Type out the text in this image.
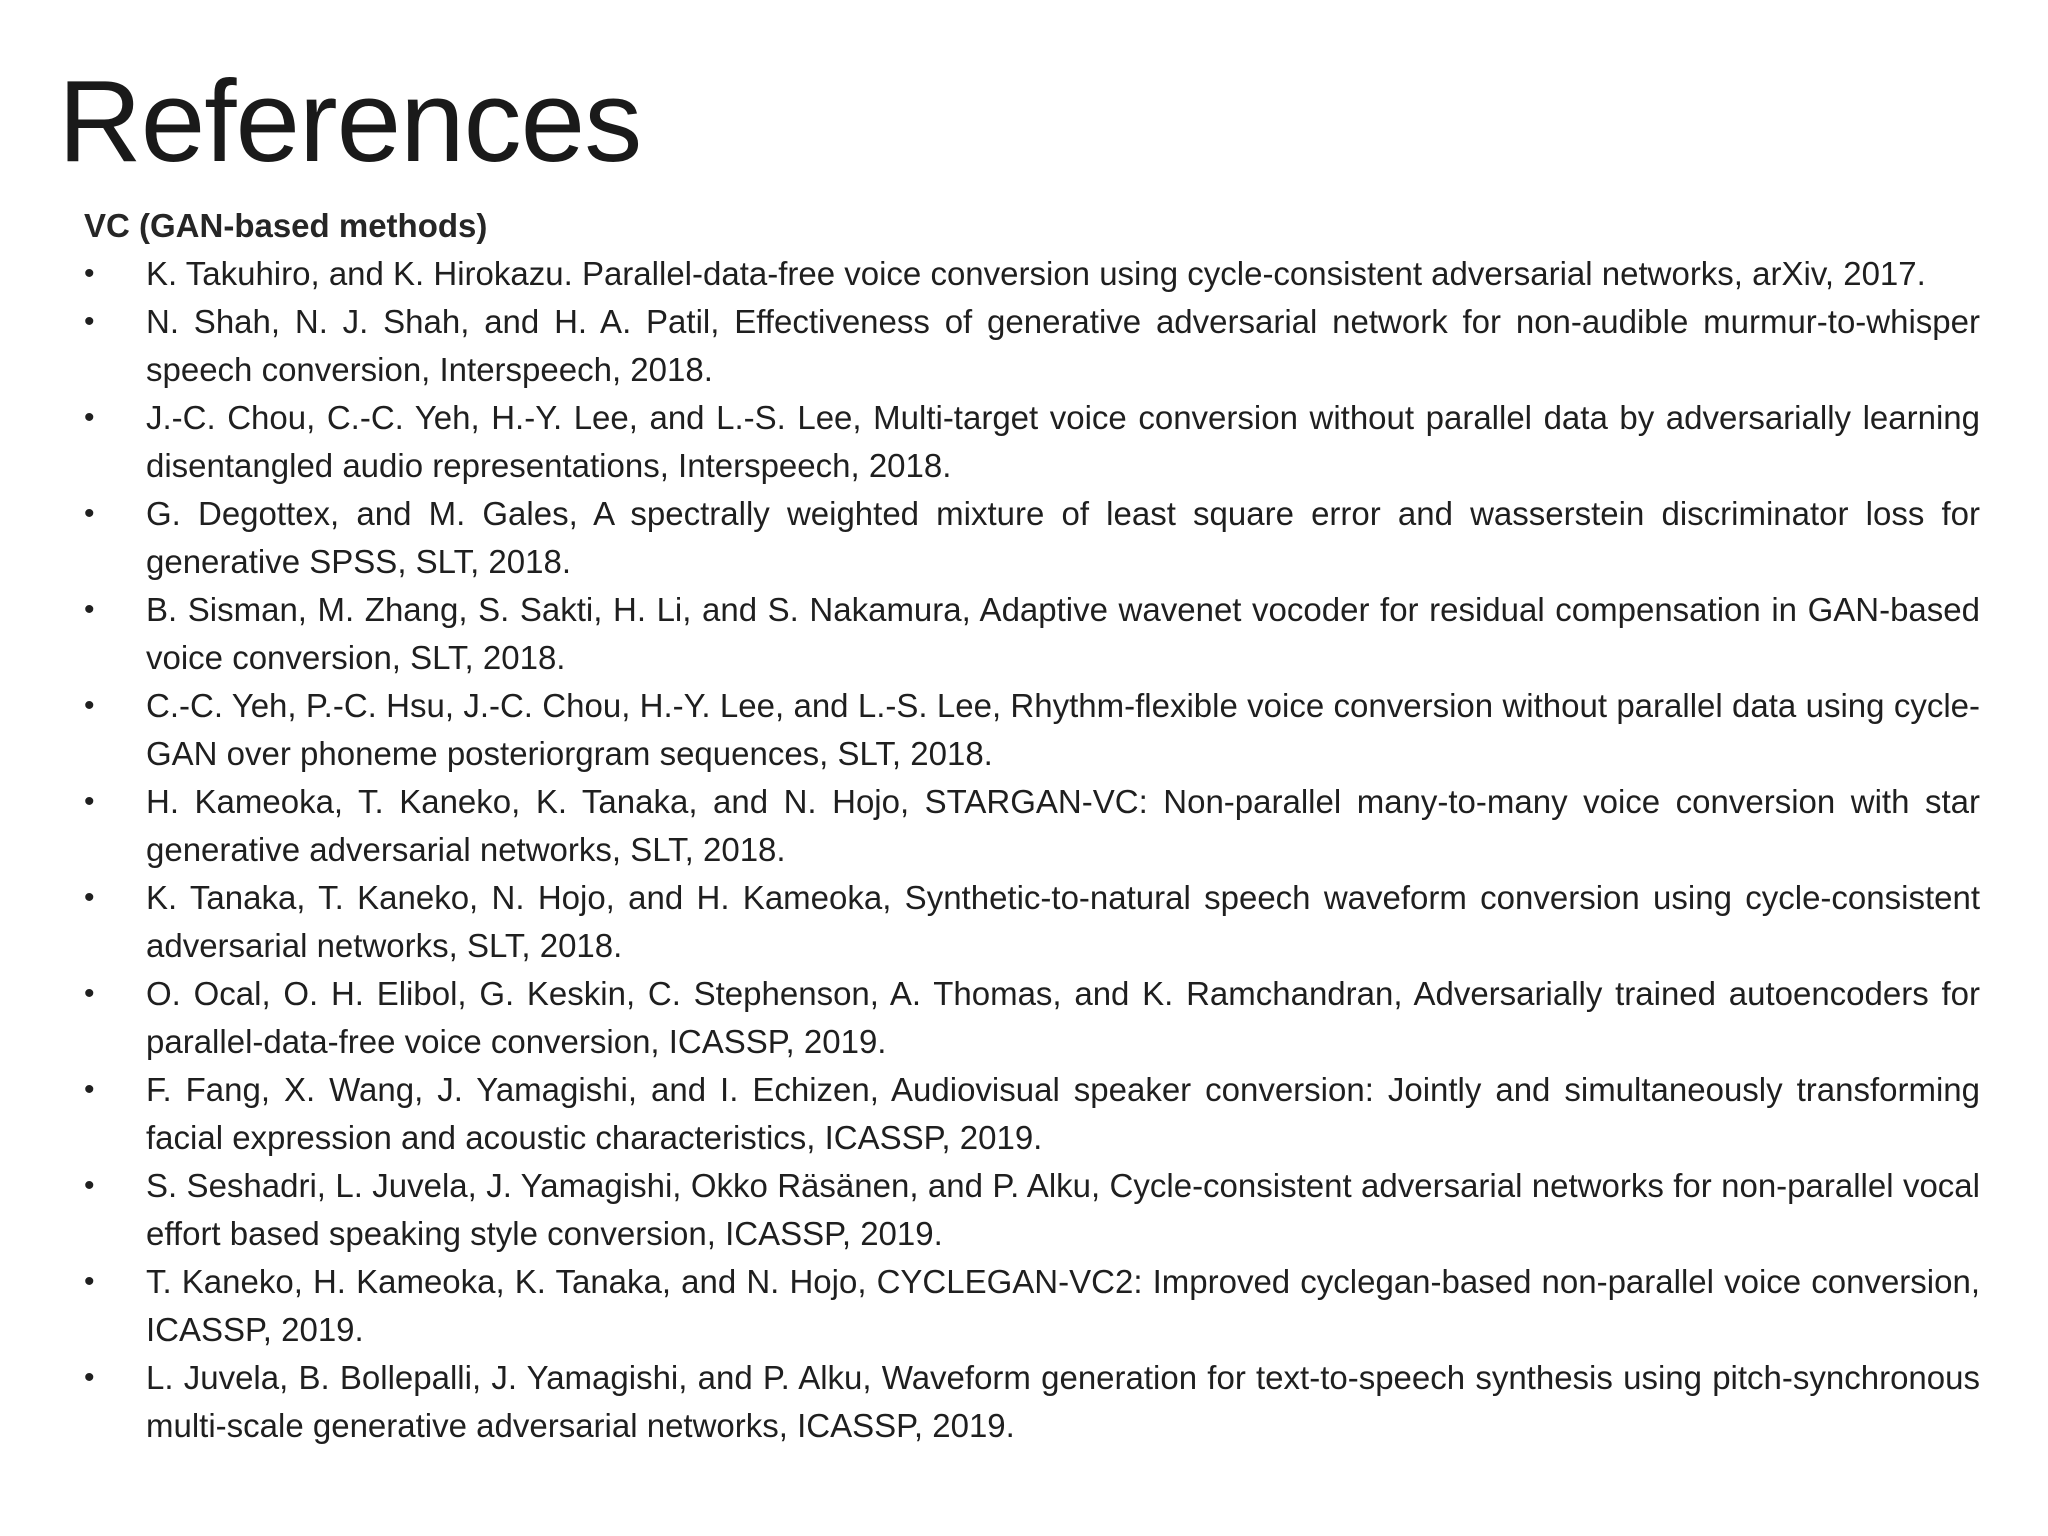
References
VC (GAN-based methods)
•	K. Takuhiro, and K. Hirokazu. Parallel-data-free voice conversion using cycle-consistent adversarial networks, arXiv, 2017.
•	N. Shah, N. J. Shah, and H. A. Patil, Effectiveness of generative adversarial network for non-audible murmur-to-whisper speech conversion, Interspeech, 2018.
•	J.-C. Chou, C.-C. Yeh, H.-Y. Lee, and L.-S. Lee, Multi-target voice conversion without parallel data by adversarially learning disentangled audio representations, Interspeech, 2018.
•	G. Degottex, and M. Gales, A spectrally weighted mixture of least square error and wasserstein discriminator loss for generative SPSS, SLT, 2018.
•	B. Sisman, M. Zhang, S. Sakti, H. Li, and S. Nakamura, Adaptive wavenet vocoder for residual compensation in GAN-based voice conversion, SLT, 2018.
•	C.-C. Yeh, P.-C. Hsu, J.-C. Chou, H.-Y. Lee, and L.-S. Lee, Rhythm-flexible voice conversion without parallel data using cycle-GAN over phoneme posteriorgram sequences, SLT, 2018.
•	H. Kameoka, T. Kaneko, K. Tanaka, and N. Hojo, STARGAN-VC: Non-parallel many-to-many voice conversion with star generative adversarial networks, SLT, 2018.
•	K. Tanaka, T. Kaneko, N. Hojo, and H. Kameoka, Synthetic-to-natural speech waveform conversion using cycle-consistent adversarial networks, SLT, 2018.
•	O. Ocal, O. H. Elibol, G. Keskin, C. Stephenson, A. Thomas, and K. Ramchandran, Adversarially trained autoencoders for parallel-data-free voice conversion, ICASSP, 2019.
•	F. Fang, X. Wang, J. Yamagishi, and I. Echizen, Audiovisual speaker conversion: Jointly and simultaneously transforming facial expression and acoustic characteristics, ICASSP, 2019.
•	S. Seshadri, L. Juvela, J. Yamagishi, Okko Räsänen, and P. Alku, Cycle-consistent adversarial networks for non-parallel vocal effort based speaking style conversion, ICASSP, 2019.
•	T. Kaneko, H. Kameoka, K. Tanaka, and N. Hojo, CYCLEGAN-VC2: Improved cyclegan-based non-parallel voice conversion, ICASSP, 2019.
•	L. Juvela, B. Bollepalli, J. Yamagishi, and P. Alku, Waveform generation for text-to-speech synthesis using pitch-synchronous multi-scale generative adversarial networks, ICASSP, 2019.
